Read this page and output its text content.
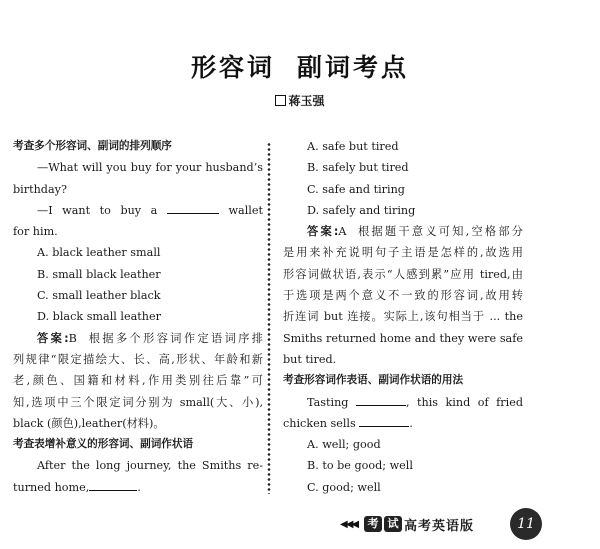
形容词 副词考点
蒋玉强

考查多个形容词、副词的排列顺序

—What will you buy for your husband’s

birthday?

—I want to buy a	wallet

for him.

A. black leather small

B. small black leather

C. small leather black

D. black small leather

答案:B 根据多个形容词作定语词序排

列规律“限定描绘大、长、高,形状、年龄和新

老,颜色、国籍和材料,作用类别往后靠”可

知,选项中三个限定词分别为 small(大、小),

black (颜色),leather(材料)。

考查表增补意义的形容词、副词作状语

After the long journey, the Smiths re-

turned home,	.

A. safe but tired

B. safely but tired

C. safe and tiring

D. safely and tiring

答案:A 根据题干意义可知,空格部分

是用来补充说明句子主语是怎样的,故选用

形容词做状语,表示“人感到累”应用 tired,由

于选项是两个意义不一致的形容词,故用转

折连词 but 连接。实际上,该句相当于 ... the

Smiths returned home and they were safe

but tired.

考查形容词作表语、副词作状语的用法

Tasting	, this kind of fried

chicken sells	.

A. well; good

B. to be good; well

C. good; well

◀◀◀ 考 试 高考英语版	11
